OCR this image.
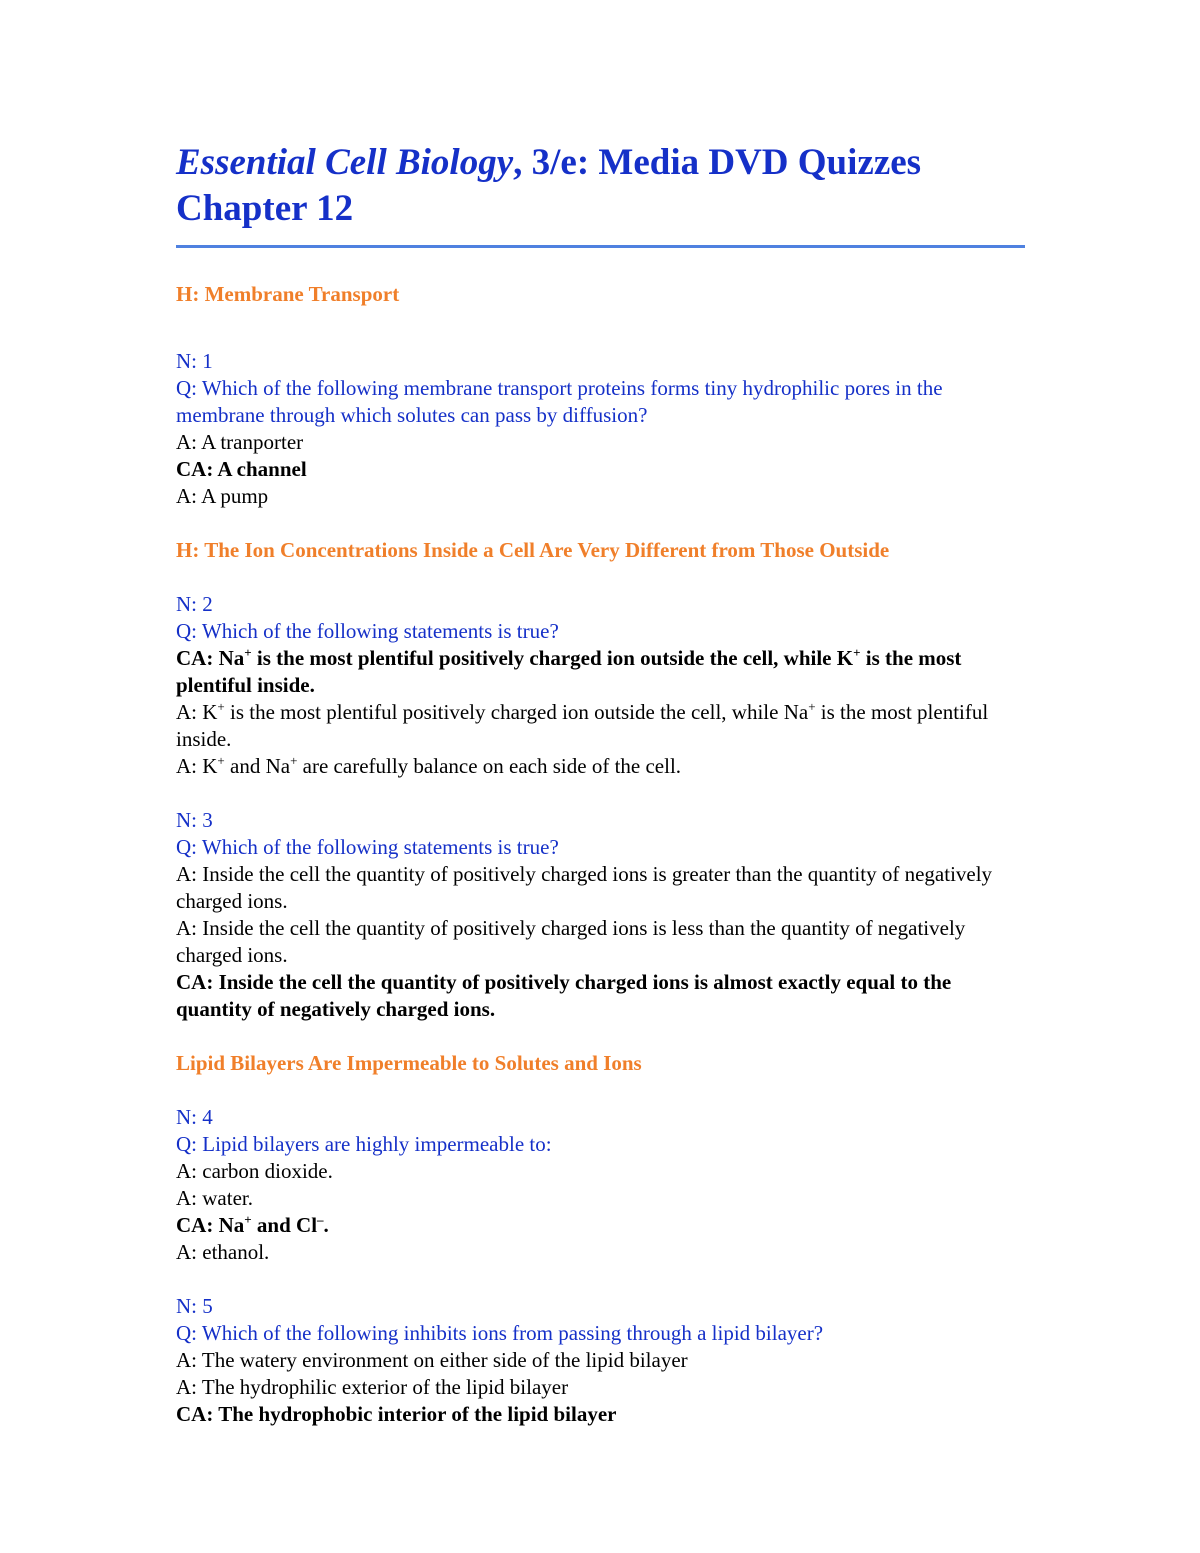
Essential Cell Biology, 3/e: Media DVD Quizzes
Chapter 12

H: Membrane Transport

N: 1

Q: Which of the following membrane transport proteins forms tiny hydrophilic pores in the membrane through which solutes can pass by diffusion?

A: A tranporter

CA: A channel

A: A pump

H: The Ion Concentrations Inside a Cell Are Very Different from Those Outside

N: 2

Q: Which of the following statements is true?

CA: Na+ is the most plentiful positively charged ion outside the cell, while K+ is the most plentiful inside.

A: K+ is the most plentiful positively charged ion outside the cell, while Na+ is the most plentiful inside.

A: K+ and Na+ are carefully balance on each side of the cell.

N: 3

Q: Which of the following statements is true?

A: Inside the cell the quantity of positively charged ions is greater than the quantity of negatively charged ions.

A: Inside the cell the quantity of positively charged ions is less than the quantity of negatively charged ions.

CA: Inside the cell the quantity of positively charged ions is almost exactly equal to the quantity of negatively charged ions.

Lipid Bilayers Are Impermeable to Solutes and Ions

N: 4

Q: Lipid bilayers are highly impermeable to:

A: carbon dioxide.

A: water.

CA: Na+ and Cl–.

A: ethanol.

N: 5

Q: Which of the following inhibits ions from passing through a lipid bilayer?

A: The watery environment on either side of the lipid bilayer

A: The hydrophilic exterior of the lipid bilayer

CA: The hydrophobic interior of the lipid bilayer
